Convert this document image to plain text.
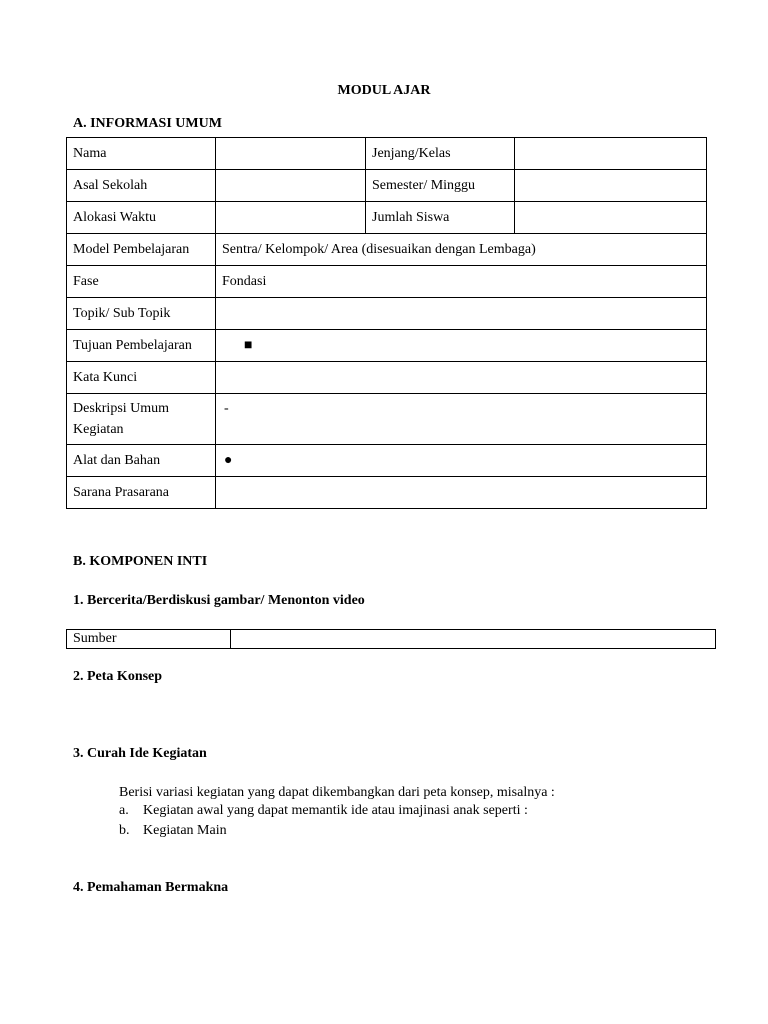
MODUL AJAR
A. INFORMASI UMUM
Nama		Jenjang/Kelas	
Asal Sekolah		Semester/ Minggu	
Alokasi Waktu		Jumlah Siswa	
Model Pembelajaran	Sentra/ Kelompok/ Area (disesuaikan dengan Lembaga)		
Fase	Fondasi		
Topik/ Sub Topik			
Tujuan Pembelajaran	■		
Kata Kunci			
Deskripsi Umum Kegiatan	-		
Alat dan Bahan	●		
Sarana Prasarana			
B. KOMPONEN INTI
1. Bercerita/Berdiskusi gambar/ Menonton video
Sumber	
2. Peta Konsep
3. Curah Ide Kegiatan
Berisi variasi kegiatan yang dapat dikembangkan dari peta konsep, misalnya :
a. Kegiatan awal yang dapat memantik ide atau imajinasi anak seperti :
b. Kegiatan Main
4. Pemahaman Bermakna
